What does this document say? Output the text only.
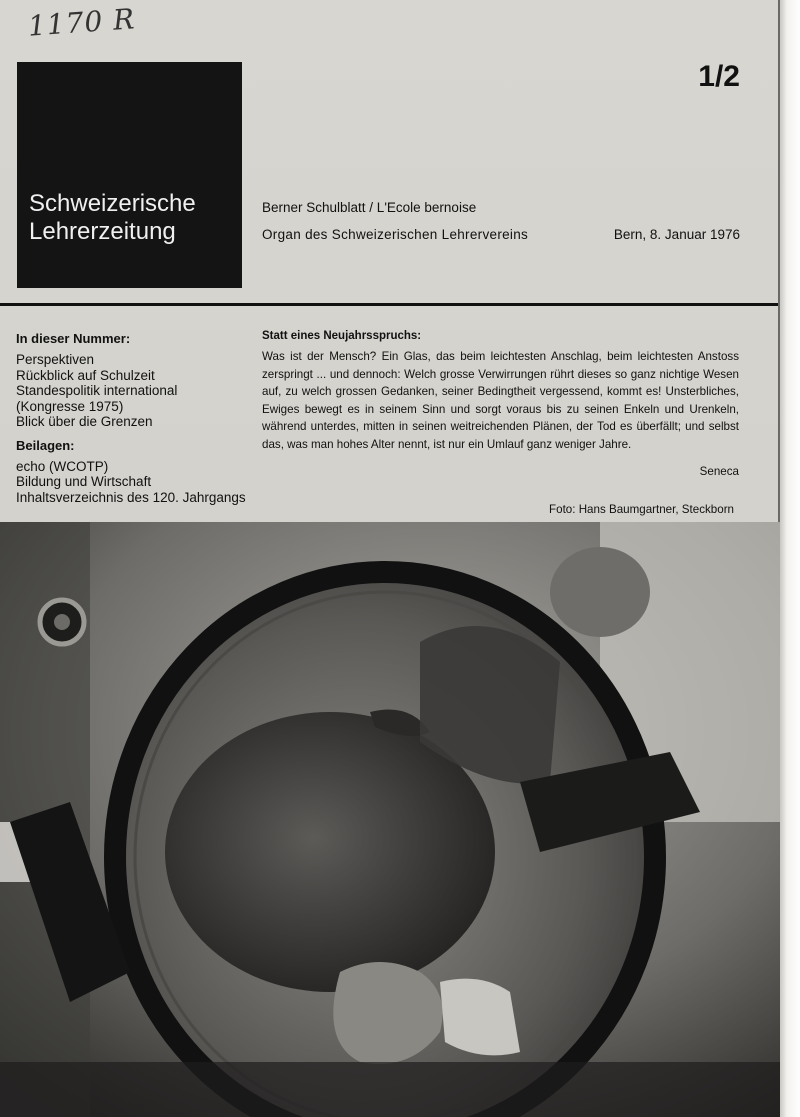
1170 R
1/2
Schweizerische
Lehrerzeitung
Berner Schulblatt / L'Ecole bernoise
Organ des Schweizerischen Lehrervereins	Bern, 8. Januar 1976
In dieser Nummer:
Perspektiven
Rückblick auf Schulzeit
Standespolitik international
(Kongresse 1975)
Blick über die Grenzen
Beilagen:
echo (WCOTP)
Bildung und Wirtschaft
Inhaltsverzeichnis des 120. Jahrgangs
Statt eines Neujahrsspruchs:

Was ist der Mensch? Ein Glas, das beim leichtesten Anschlag, beim leichtesten Anstoss zerspringt ... und dennoch: Welch grosse Verwirrungen rührt dieses so ganz nichtige Wesen auf, zu welch grossen Gedanken, seiner Bedingtheit vergessend, kommt es! Unsterbliches, Ewiges bewegt es in seinem Sinn und sorgt voraus bis zu seinen Enkeln und Urenkeln, während unterdes, mitten in seinen weitreichenden Plänen, der Tod es überfällt; und selbst das, was man hohes Alter nennt, ist nur ein Umlauf ganz weniger Jahre.

Seneca
Foto: Hans Baumgartner, Steckborn
